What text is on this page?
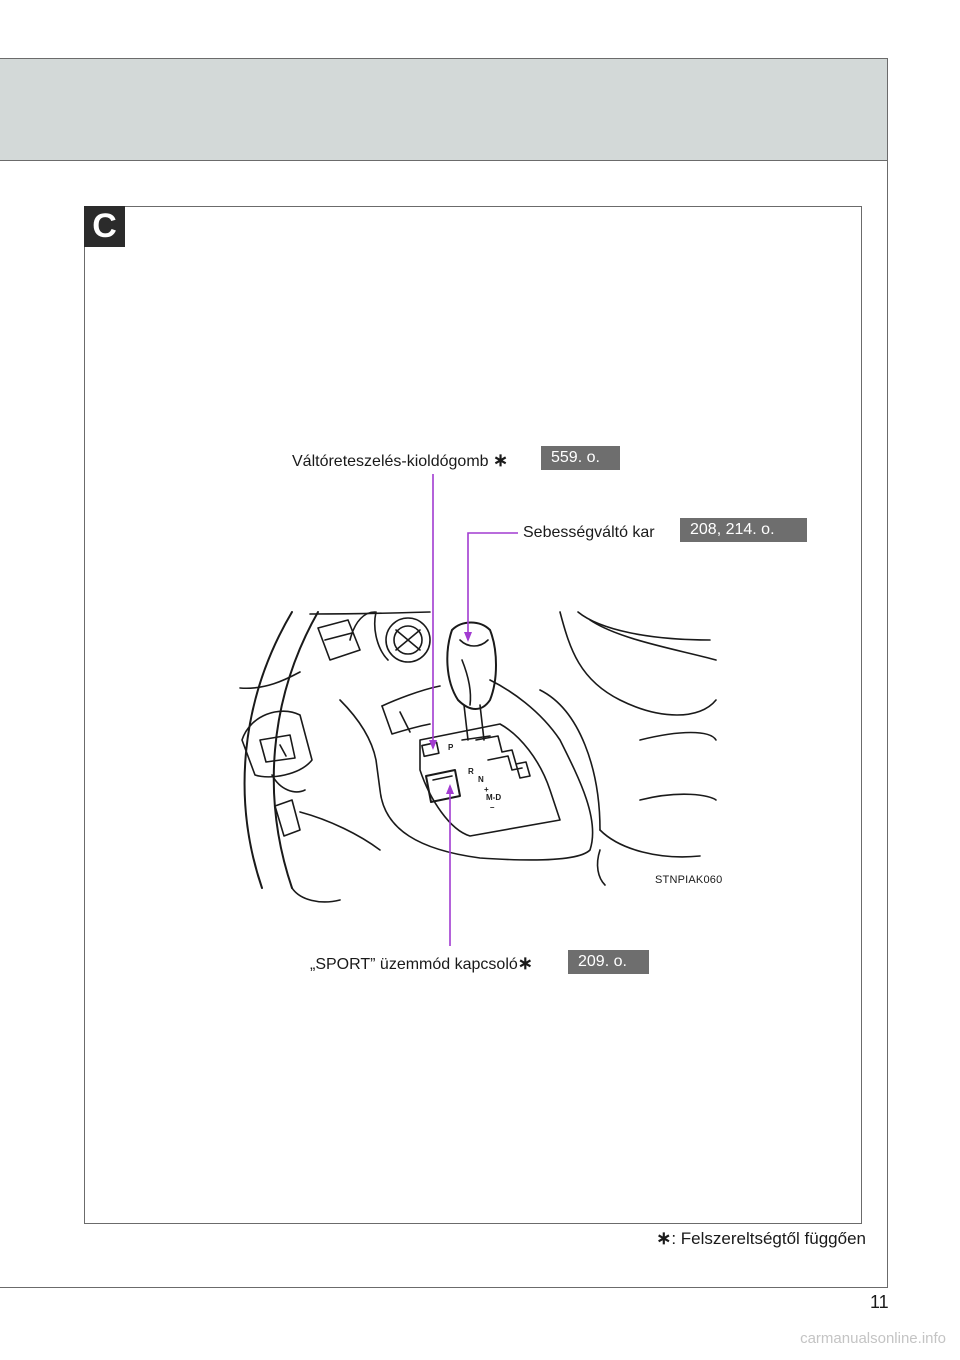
C
P
R
N
+
M-D
–
Váltóreteszelés-kioldógomb ∗	559. o.
Sebességváltó kar	208, 214. o.
STNPIAK060
„SPORT” üzemmód kapcsoló∗	209. o.
∗: Felszereltségtől függően
11
carmanualsonline.info
